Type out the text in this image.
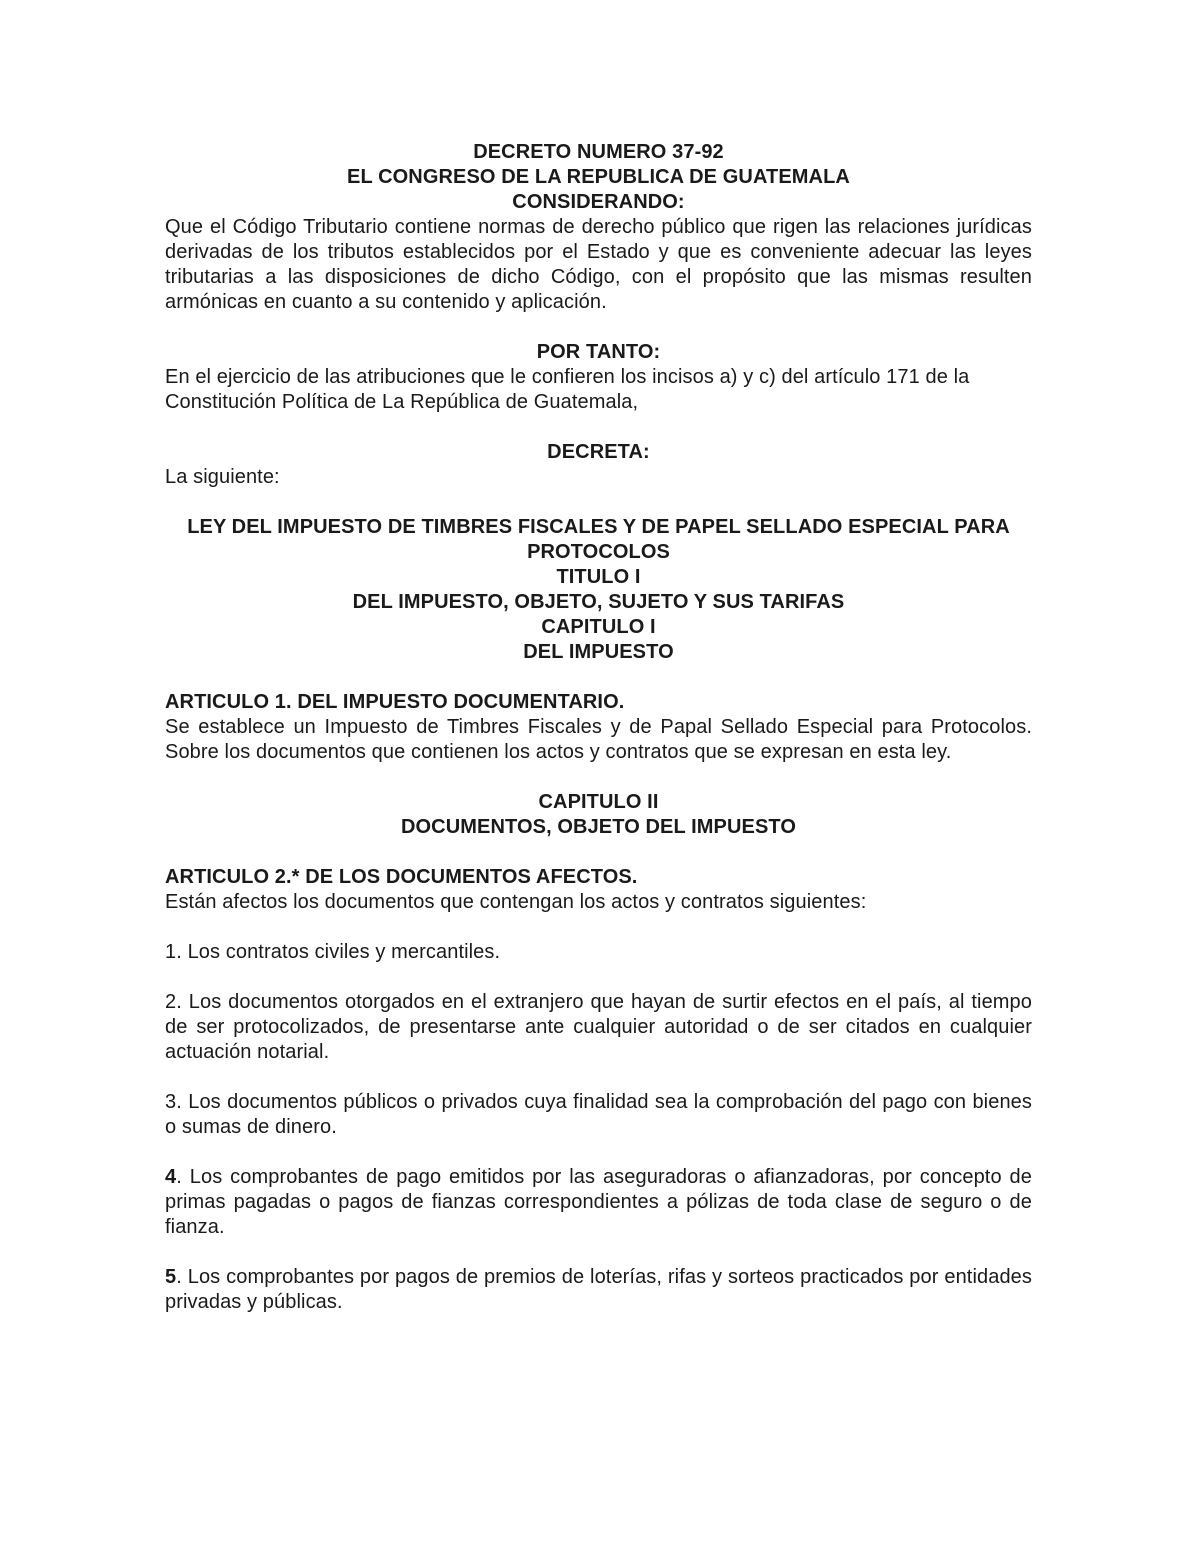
DECRETO NUMERO 37-92
EL CONGRESO DE LA REPUBLICA DE GUATEMALA
CONSIDERANDO:
Que el Código Tributario contiene normas de derecho público que rigen las relaciones jurídicas derivadas de los tributos establecidos por el Estado y que es conveniente adecuar las leyes tributarias a las disposiciones de dicho Código, con el propósito que las mismas resulten armónicas en cuanto a su contenido y aplicación.
POR TANTO:
En el ejercicio de las atribuciones que le confieren los incisos a) y c) del artículo 171 de la Constitución Política de La República de Guatemala,
DECRETA:
La siguiente:
LEY DEL IMPUESTO DE TIMBRES FISCALES Y DE PAPEL SELLADO ESPECIAL PARA
PROTOCOLOS
TITULO I
DEL IMPUESTO, OBJETO, SUJETO Y SUS TARIFAS
CAPITULO I
DEL IMPUESTO
ARTICULO 1. DEL IMPUESTO DOCUMENTARIO.
Se establece un Impuesto de Timbres Fiscales y de Papal Sellado Especial para Protocolos. Sobre los documentos que contienen los actos y contratos que se expresan en esta ley.
CAPITULO II
DOCUMENTOS, OBJETO DEL IMPUESTO
ARTICULO 2.* DE LOS DOCUMENTOS AFECTOS.
Están afectos los documentos que contengan los actos y contratos siguientes:
1. Los contratos civiles y mercantiles.
2. Los documentos otorgados en el extranjero que hayan de surtir efectos en el país, al tiempo de ser protocolizados, de presentarse ante cualquier autoridad o de ser citados en cualquier actuación notarial.
3. Los documentos públicos o privados cuya finalidad sea la comprobación del pago con bienes o sumas de dinero.
4. Los comprobantes de pago emitidos por las aseguradoras o afianzadoras, por concepto de primas pagadas o pagos de fianzas correspondientes a pólizas de toda clase de seguro o de fianza.
5. Los comprobantes por pagos de premios de loterías, rifas y sorteos practicados por entidades privadas y públicas.
